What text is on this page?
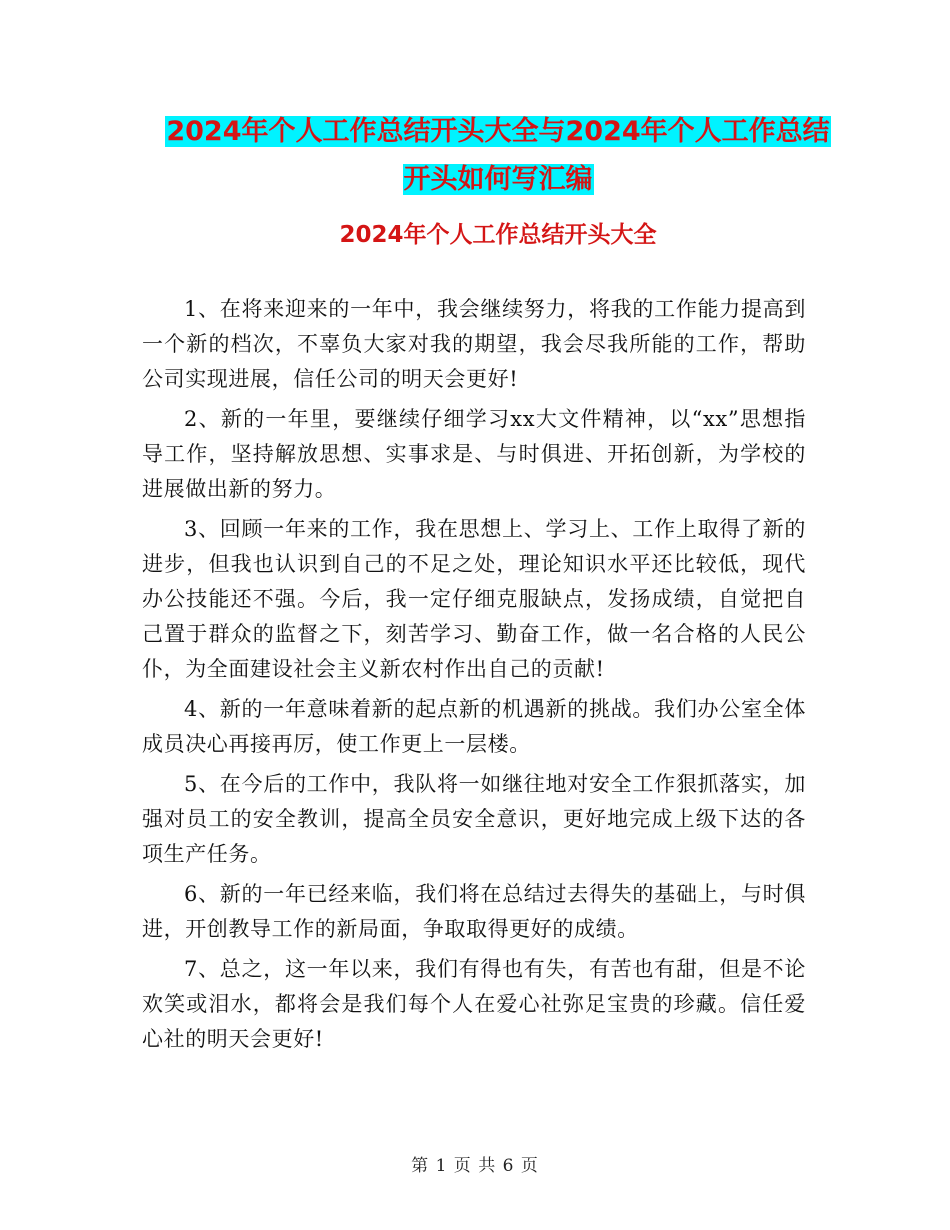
2024年个人工作总结开头大全与2024年个人工作总结
开头如何写汇编
2024年个人工作总结开头大全

1、在将来迎来的一年中，我会继续努力，将我的工作能力提高到一个新的档次，不辜负大家对我的期望，我会尽我所能的工作，帮助公司实现进展，信任公司的明天会更好!

2、新的一年里，要继续仔细学习xx大文件精神，以“xx”思想指导工作，坚持解放思想、实事求是、与时俱进、开拓创新，为学校的进展做出新的努力。

3、回顾一年来的工作，我在思想上、学习上、工作上取得了新的进步，但我也认识到自己的不足之处，理论知识水平还比较低，现代办公技能还不强。今后，我一定仔细克服缺点，发扬成绩，自觉把自己置于群众的监督之下，刻苦学习、勤奋工作，做一名合格的人民公仆，为全面建设社会主义新农村作出自己的贡献!

4、新的一年意味着新的起点新的机遇新的挑战。我们办公室全体成员决心再接再厉，使工作更上一层楼。

5、在今后的工作中，我队将一如继往地对安全工作狠抓落实，加强对员工的安全教训，提高全员安全意识，更好地完成上级下达的各项生产任务。

6、新的一年已经来临，我们将在总结过去得失的基础上，与时俱进，开创教导工作的新局面，争取取得更好的成绩。

7、总之，这一年以来，我们有得也有失，有苦也有甜，但是不论欢笑或泪水，都将会是我们每个人在爱心社弥足宝贵的珍藏。信任爱心社的明天会更好!

第 1 页 共 6 页
